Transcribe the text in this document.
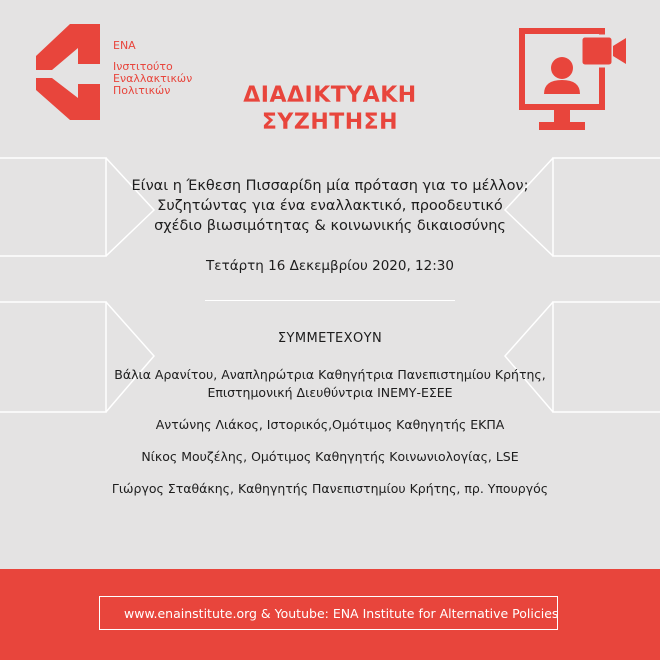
ΕΝΑ
Ινστιτούτο
Εναλλακτικών
Πολιτικών	ΔΙΑΔΙΚΤΥΑΚΗ
ΣΥΖΗΤΗΣΗ
Είναι η Έκθεση Πισσαρίδη μία πρόταση για το μέλλον;
Συζητώντας για ένα εναλλακτικό, προοδευτικό
σχέδιο βιωσιμότητας & κοινωνικής δικαιοσύνης
Τετάρτη 16 Δεκεμβρίου 2020, 12:30
ΣΥΜΜΕΤΕΧΟΥΝ
Βάλια Αρανίτου, Αναπληρώτρια Καθηγήτρια Πανεπιστημίου Κρήτης,
Επιστημονική Διευθύντρια ΙΝΕΜΥ-ΕΣΕΕ
Αντώνης Λιάκος, Ιστορικός,Ομότιμος Καθηγητής ΕΚΠΑ
Νίκος Μουζέλης, Ομότιμος Καθηγητής Κοινωνιολογίας, LSE
Γιώργος Σταθάκης, Καθηγητής Πανεπιστημίου Κρήτης, πρ. Υπουργός
www.enainstitute.org & Youtube: ENA Institute for Alternative Policies
